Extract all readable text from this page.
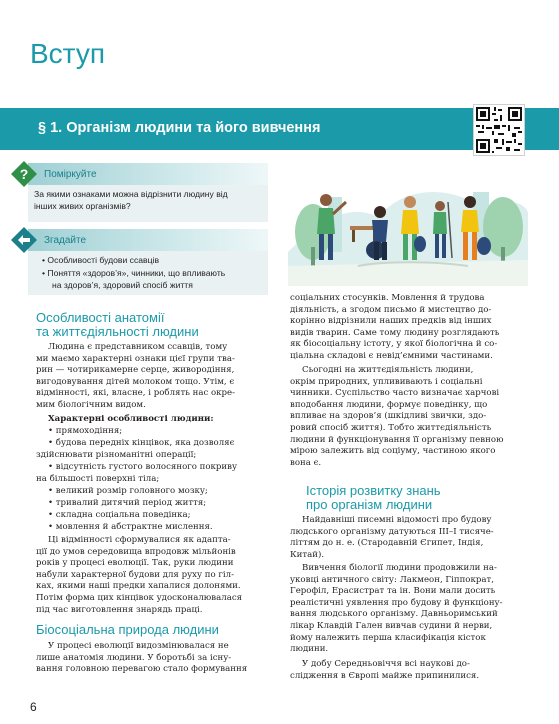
Вступ
§ 1. Організм людини та його вивчення
? Поміркуйте
За якими ознаками можна відрізнити людину від
інших живих організмів?
Згадайте
• Особливості будови ссавців
• Поняття «здоров’я», чинники, що впливають
на здоров’я, здоровий спосіб життя
Особливості анатомії
та життєдіяльності людини
Людина є представником ссавців, тому
ми маємо характерні ознаки цієї групи тва-
рин — чотирикамерне серце, живородіння,
вигодовування дітей молоком тощо. Утім, є
відмінності, які, власне, і роблять нас окре-
мим біологічним видом.
Характерні особливості людини:
• прямоходіння;
• будова передніх кінцівок, яка дозволяє
здійснювати різноманітні операції;
• відсутність густого волосяного покриву
на більшості поверхні тіла;
• великий розмір головного мозку;
• тривалий дитячий період життя;
• складна соціальна поведінка;
• мовлення й абстрактне мислення.
Ці відмінності сформувалися як адапта-
ції до умов середовища впродовж мільйонів
років у процесі еволюції. Так, руки людини
набули характерної будови для руху по гіл-
ках, якими наші предки хапалися долонями.
Потім форма цих кінцівок удосконалювалася
під час виготовлення знарядь праці.
Біосоціальна природа людини
У процесі еволюції видозмінювалася не
лише анатомія людини. У боротьбі за існу-
вання головною перевагою стало формування
соціальних стосунків. Мовлення й трудова
діяльність, а згодом письмо й мистецтво до-
корінно відрізнили наших предків від інших
видів тварин. Саме тому людину розглядають
як біосоціальну істоту, у якої біологічна й со-
ціальна складові є невід’ємними частинами.
Сьогодні на життєдіяльність людини,
окрім природних, уплививають і соціальні
чинники. Суспільство часто визначає харчові
вподобання людини, формує поведінку, що
впливає на здоров’я (шкідливі звички, здо-
ровий спосіб життя). Тобто життєдіяльність
людини й функціонування її організму певною
мірою залежить від соціуму, частиною якого
вона є.
Історія розвитку знань
про організм людини
Найдавніші писемні відомості про будову
людського організму датуються III–I тисяче-
літтям до н. е. (Стародавній Єгипет, Індія,
Китай).
Вивчення біології людини продовжили на-
уковці античного світу: Лакмеон, Гіппократ,
Герофіл, Ерасистрат та ін. Вони мали досить
реалістичні уявлення про будову й функціону-
вання людського організму. Давньоримський
лікар Клавдій Гален вивчав судини й нерви,
йому належить перша класифікація кісток
людини.
У добу Середньовіччя всі наукові до-
слідження в Європі майже припинилися.
6
